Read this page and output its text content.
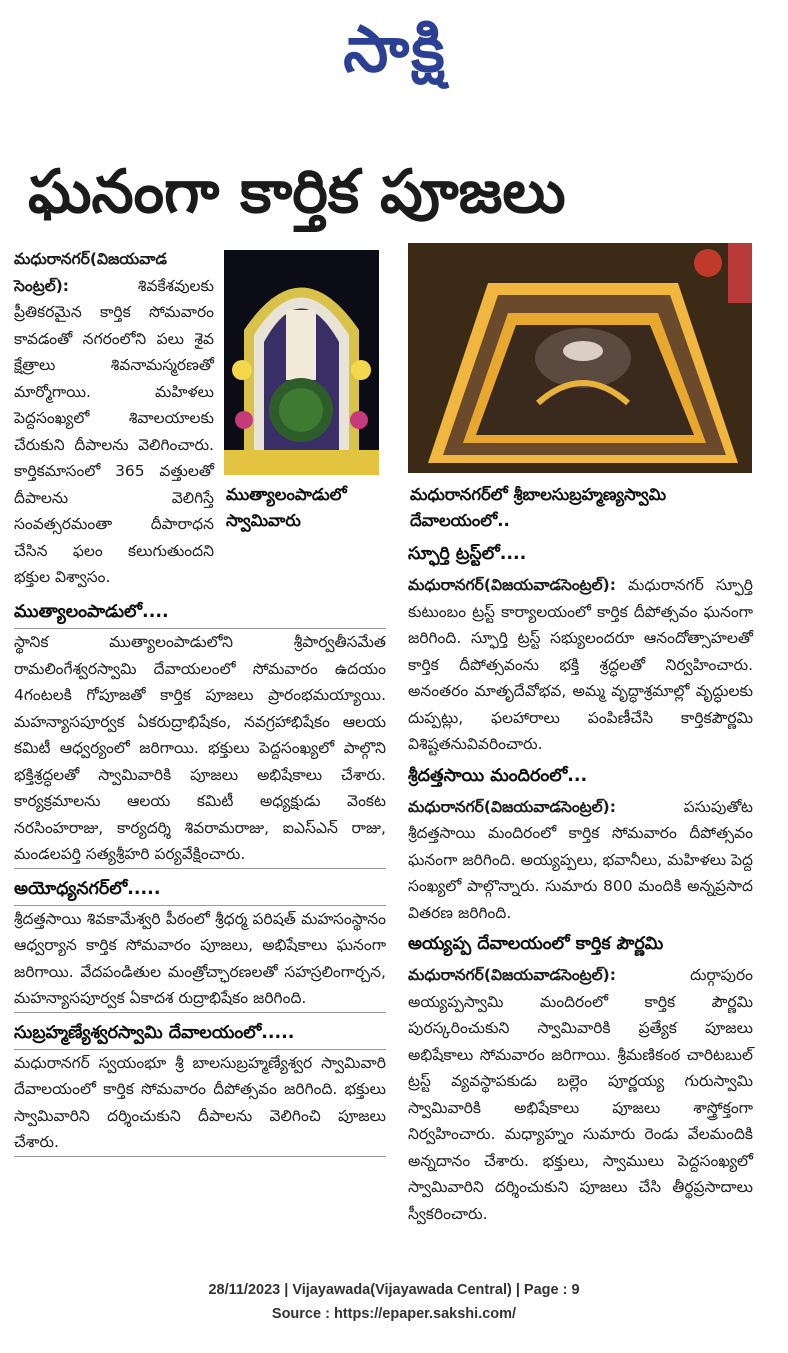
సాక్షి
ఘనంగా కార్తిక పూజలు

మధురానగర్(విజయవాడ సెంట్రల్):	శివకేశవులకు ప్రీతికరమైన కార్తిక సోమవారం కావడంతో నగరంలోని పలు శైవ క్షేత్రాలు శివనామస్మరణతో మార్మోగాయి. మహిళలు పెద్దసంఖ్యలో శివాలయాలకు చేరుకుని దీపాలను వెలిగించారు. కార్తికమాసంలో 365 వత్తులతో దీపాలను వెలిగిస్తే సంవత్సరమంతా దీపారాధన చేసిన ఫలం కలుగుతుందని భక్తుల విశ్వాసం.

ముత్యాలంపాడులో స్వామివారు
మధురానగర్‌లో శ్రీబాలసుబ్రహ్మణ్యస్వామి దేవాలయంలో..
ముత్యాలంపాడులో....

స్థానిక ముత్యాలంపాడులోని శ్రీపార్వతీసమేత రామలింగేశ్వరస్వామి దేవాయలంలో సోమవారం ఉదయం 4గంటలకి గోపూజతో కార్తిక పూజలు ప్రారంభమయ్యాయి. మహన్యాసపూర్వక ఏకరుద్రాభిషేకం, నవగ్రహాభిషేకం ఆలయ కమిటీ ఆధ్వర్యంలో జరిగాయి. భక్తులు పెద్దసంఖ్యలో పాల్గొని భక్తిశ్రద్ధలతో స్వామివారికి పూజలు అభిషేకాలు చేశారు. కార్యక్రమాలను ఆలయ కమిటీ అధ్యక్షుడు వెంకట నరసింహరాజు, కార్యదర్శి శివరామరాజు, ఐఎస్ఎన్ రాజు, మండలపర్తి సత్యశ్రీహరి పర్యవేక్షించారు.

అయోధ్యనగర్‌లో.....

శ్రీదత్తసాయి శివకామేశ్వరి పీఠంలో శ్రీధర్మ పరిషత్ మహసంస్థానం ఆధ్వర్యాన కార్తిక సోమవారం పూజలు, అభిషేకాలు ఘనంగా జరిగాయి. వేదపండితుల మంత్రోచ్ఛారణలతో సహస్రలింగార్చన, మహన్యాసపూర్వక ఏకాదశ రుద్రాభిషేకం జరిగింది.

సుబ్రహ్మణ్యేశ్వరస్వామి దేవాలయంలో.....

మధురానగర్ స్వయంభూ శ్రీ బాలసుబ్రహ్మణ్యేశ్వర స్వామివారి దేవాలయంలో కార్తిక సోమవారం దీపోత్సవం జరిగింది. భక్తులు స్వామివారిని దర్శించుకుని దీపాలను వెలిగించి పూజలు చేశారు.

స్ఫూర్తి ట్రస్ట్‌లో....

మధురానగర్(విజయవాడసెంట్రల్): మధురానగర్ స్ఫూర్తి కుటుంబం ట్రస్ట్ కార్యాలయంలో కార్తిక దీపోత్సవం ఘనంగా జరిగింది. స్ఫూర్తి ట్రస్ట్ సభ్యులందరూ ఆనందోత్సాహలతో కార్తిక దీపోత్సవంను భక్తి శ్రద్ధలతో నిర్వహించారు. అనంతరం మాతృదేవోభవ, అమ్మ వృద్ధాశ్రమాల్లో వృద్ధులకు దుప్పట్లు, ఫలహారాలు పంపిణీచేసి కార్తికపౌర్ణమి విశిష్టతనువివరించారు.

శ్రీదత్తసాయి మందిరంలో...

మధురానగర్(విజయవాడసెంట్రల్):	పసుపుతోట శ్రీదత్తసాయి మందిరంలో కార్తిక సోమవారం దీపోత్సవం ఘనంగా జరిగింది. అయ్యప్పలు, భవానీలు, మహిళలు పెద్ద సంఖ్యలో పాల్గొన్నారు. సుమారు 800 మందికి అన్నప్రసాద వితరణ జరిగింది.

అయ్యప్ప దేవాలయంలో కార్తిక పౌర్ణమి

మధురానగర్(విజయవాడసెంట్రల్):	దుర్గాపురం అయ్యప్పస్వామి మందిరంలో కార్తిక పౌర్ణమి పురస్కరించుకుని స్వామివారికి ప్రత్యేక పూజలు అభిషేకాలు సోమవారం జరిగాయి. శ్రీమణికంఠ చారిటబుల్ ట్రస్ట్ వ్యవస్థాపకుడు బల్లెం పూర్ణయ్య గురుస్వామి స్వామివారికి అభిషేకాలు పూజలు శాస్త్రోక్తంగా నిర్వహించారు. మధ్యాహ్నం సుమారు రెండు వేలమందికి అన్నదానం చేశారు. భక్తులు, స్వాములు పెద్దసంఖ్యలో స్వామివారిని దర్శించుకుని పూజలు చేసి తీర్థప్రసాదాలు స్వీకరించారు.

28/11/2023 | Vijayawada(Vijayawada Central) | Page : 9
Source : https://epaper.sakshi.com/
